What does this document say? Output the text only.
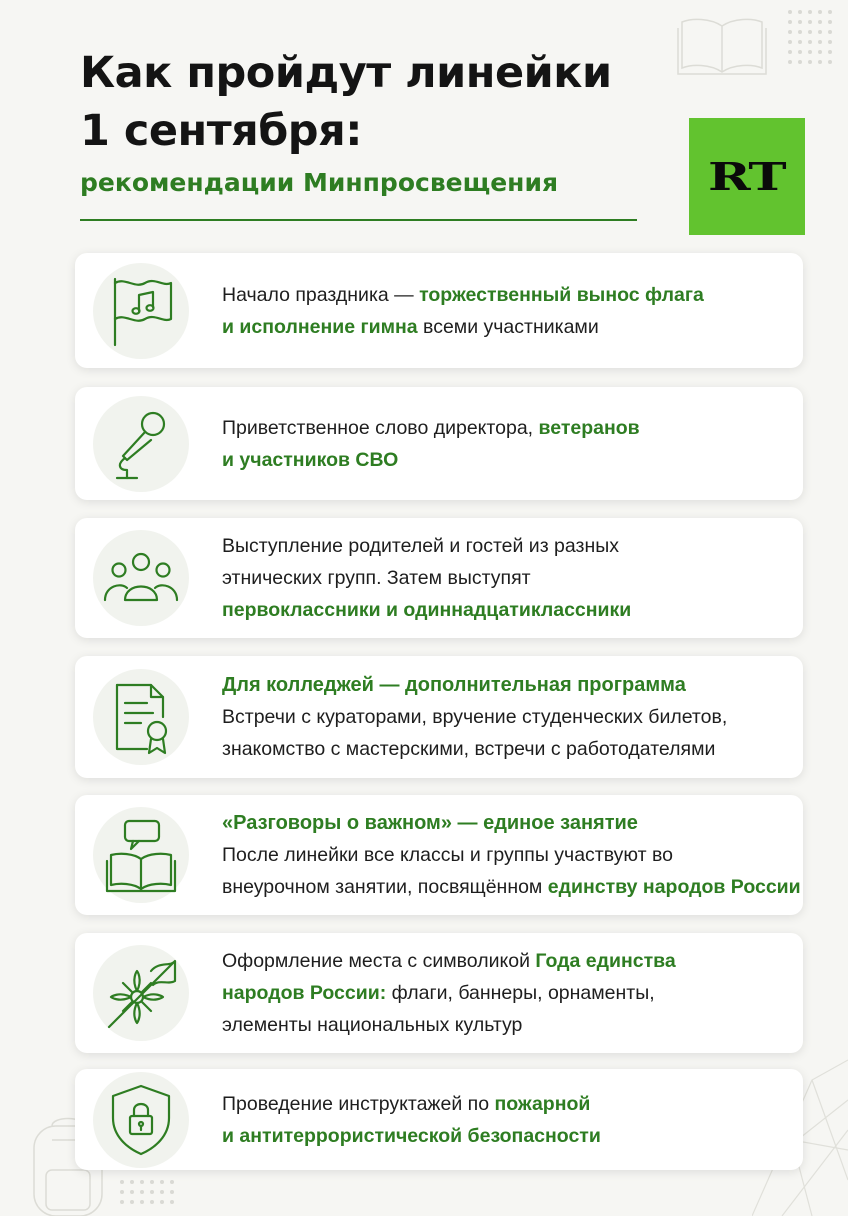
Как пройдут линейки
1 сентября:
рекомендации Минпросвещения	RT
Начало праздника — торжественный вынос флага
и исполнение гимна всеми участниками
Приветственное слово директора, ветеранов
и участников СВО
Выступление родителей и гостей из разных
этнических групп. Затем выступят
первоклассники и одиннадцатиклассники
Для колледжей — дополнительная программа
Встречи с кураторами, вручение студенческих билетов,
знакомство с мастерскими, встречи с работодателями
«Разговоры о важном» — единое занятие
После линейки все классы и группы участвуют во
внеурочном занятии, посвящённом единству народов России
Оформление места с символикой Года единства
народов России: флаги, баннеры, орнаменты,
элементы национальных культур
Проведение инструктажей по пожарной
и антитеррористической безопасности
